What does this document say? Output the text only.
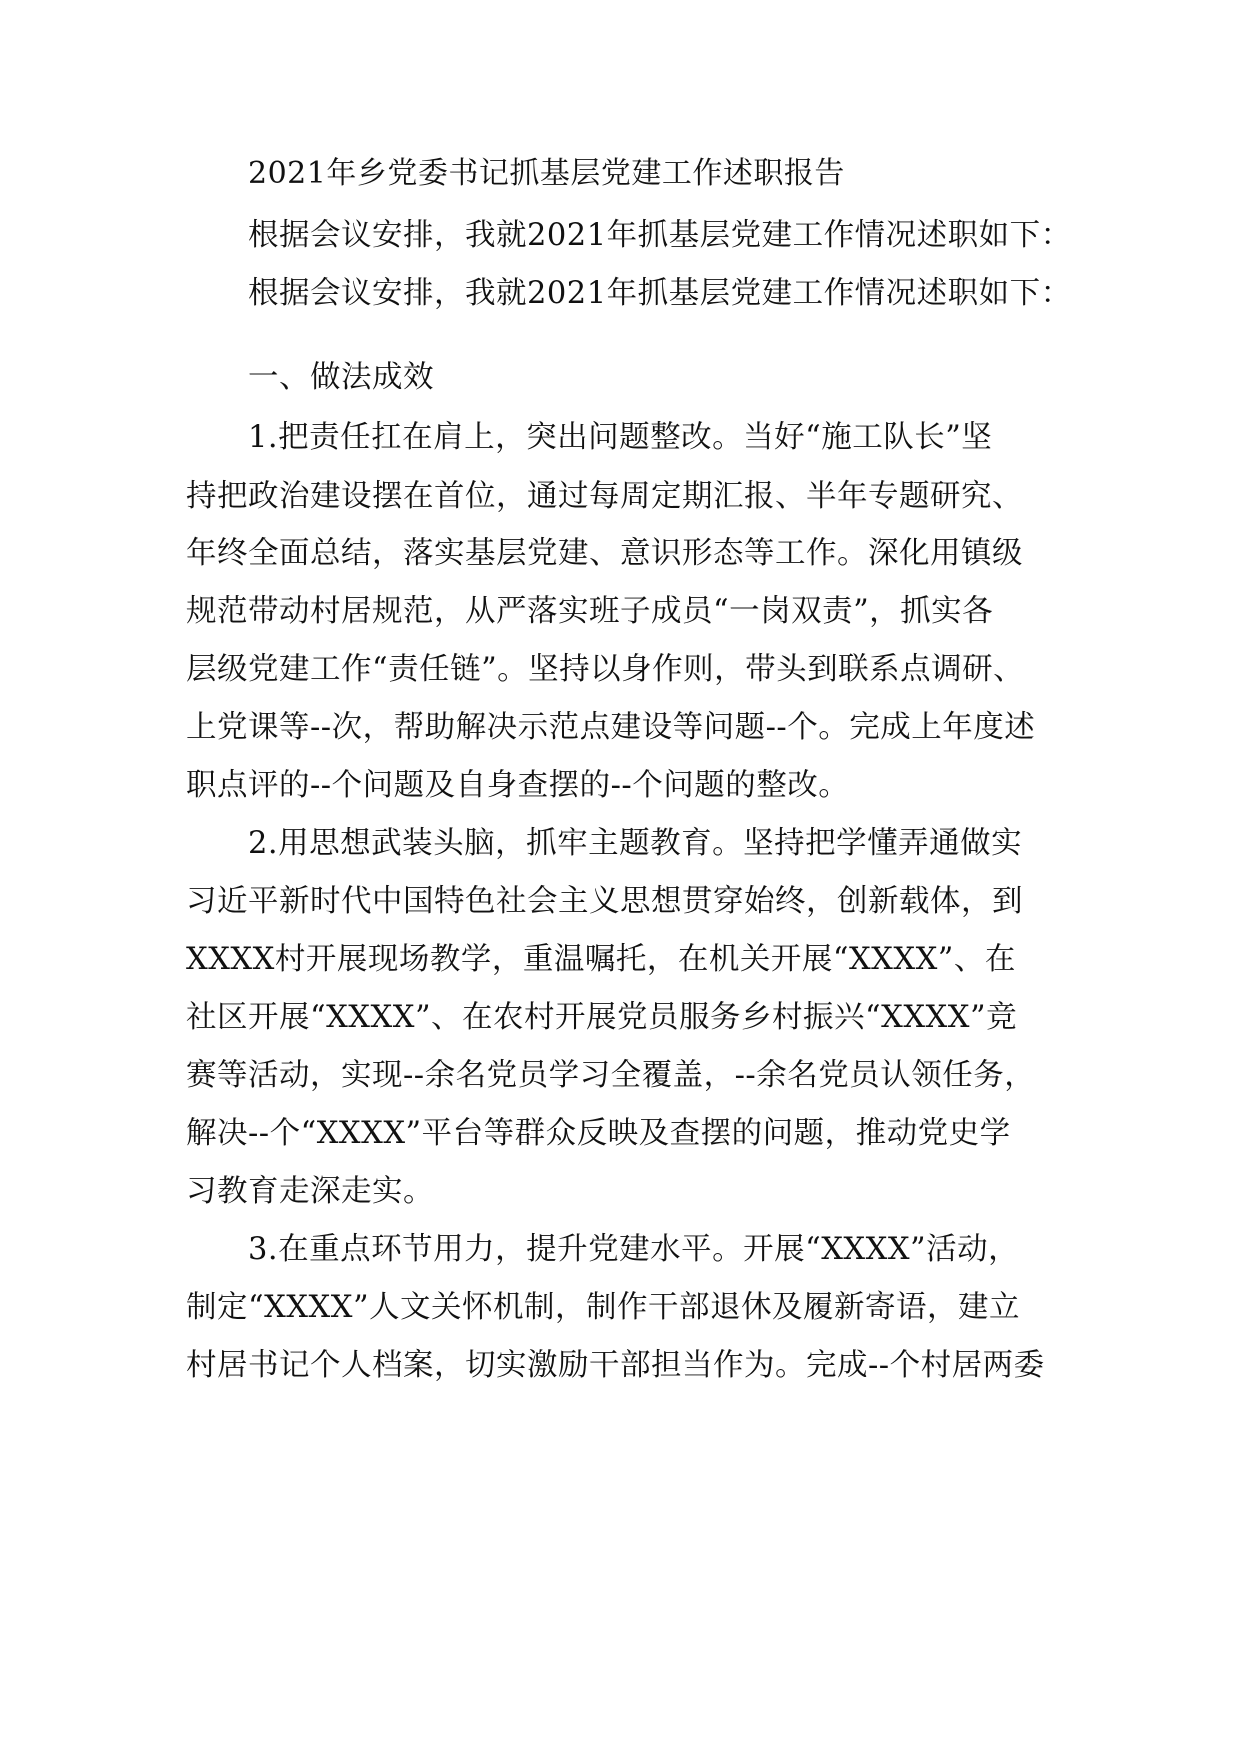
2021年乡党委书记抓基层党建工作述职报告

根据会议安排，我就2021年抓基层党建工作情况述职如下：

根据会议安排，我就2021年抓基层党建工作情况述职如下：

一、做法成效

1.把责任扛在肩上，突出问题整改。当好“施工队长”坚

持把政治建设摆在首位，通过每周定期汇报、半年专题研究、

年终全面总结，落实基层党建、意识形态等工作。深化用镇级

规范带动村居规范，从严落实班子成员“一岗双责”，抓实各

层级党建工作“责任链”。坚持以身作则，带头到联系点调研、

上党课等--次，帮助解决示范点建设等问题--个。完成上年度述

职点评的--个问题及自身查摆的--个问题的整改。

2.用思想武装头脑，抓牢主题教育。坚持把学懂弄通做实

习近平新时代中国特色社会主义思想贯穿始终，创新载体，到

XXXX村开展现场教学，重温嘱托，在机关开展“XXXX”、在

社区开展“XXXX”、在农村开展党员服务乡村振兴“XXXX”竞

赛等活动，实现--余名党员学习全覆盖，--余名党员认领任务，

解决--个“XXXX”平台等群众反映及查摆的问题，推动党史学

习教育走深走实。

3.在重点环节用力，提升党建水平。开展“XXXX”活动，

制定“XXXX”人文关怀机制，制作干部退休及履新寄语，建立

村居书记个人档案，切实激励干部担当作为。完成--个村居两委
